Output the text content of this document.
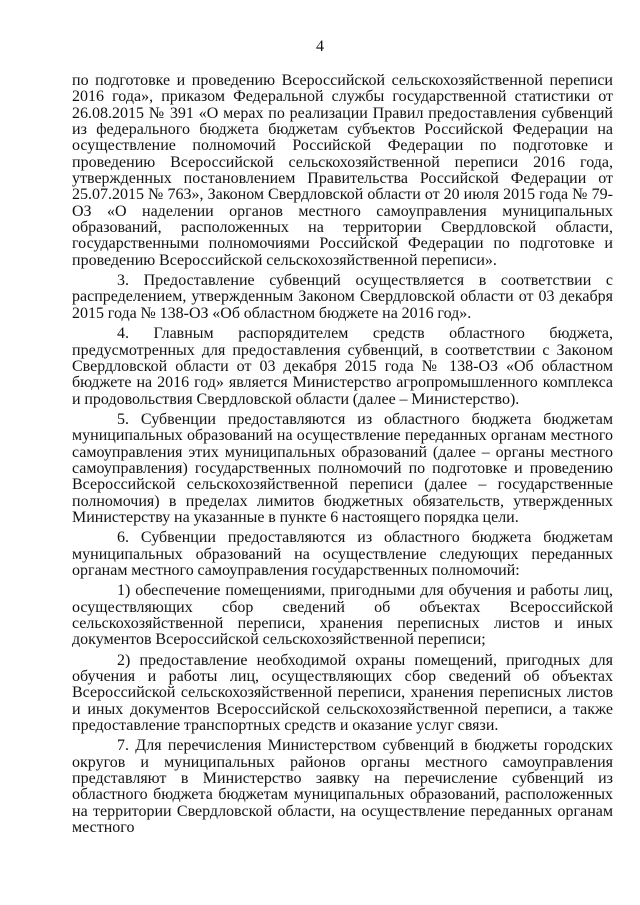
4

по подготовке и проведению Всероссийской сельскохозяйственной переписи 2016 года», приказом Федеральной службы государственной статистики от 26.08.2015 № 391 «О мерах по реализации Правил предоставления субвенций из федерального бюджета бюджетам субъектов Российской Федерации на осуществление полномочий Российской Федерации по подготовке и проведению Всероссийской сельскохозяйственной переписи 2016 года, утвержденных постановлением Правительства Российской Федерации от 25.07.2015 № 763», Законом Свердловской области от 20 июля 2015 года № 79-ОЗ «О наделении органов местного самоуправления муниципальных образований, расположенных на территории Свердловской области, государственными полномочиями Российской Федерации по подготовке и проведению Всероссийской сельскохозяйственной переписи».

3. Предоставление субвенций осуществляется в соответствии с распределением, утвержденным Законом Свердловской области от 03 декабря 2015 года № 138-ОЗ «Об областном бюджете на 2016 год».

4. Главным распорядителем средств областного бюджета, предусмотренных для предоставления субвенций, в соответствии с Законом Свердловской области от 03 декабря 2015 года № 138-ОЗ «Об областном бюджете на 2016 год» является Министерство агропромышленного комплекса и продовольствия Свердловской области (далее – Министерство).

5. Субвенции предоставляются из областного бюджета бюджетам муниципальных образований на осуществление переданных органам местного самоуправления этих муниципальных образований (далее – органы местного самоуправления) государственных полномочий по подготовке и проведению Всероссийской сельскохозяйственной переписи (далее – государственные полномочия) в пределах лимитов бюджетных обязательств, утвержденных Министерству на указанные в пункте 6 настоящего порядка цели.

6. Субвенции предоставляются из областного бюджета бюджетам муниципальных образований на осуществление следующих переданных органам местного самоуправления государственных полномочий:

1) обеспечение помещениями, пригодными для обучения и работы лиц, осуществляющих сбор сведений об объектах Всероссийской сельскохозяйственной переписи, хранения переписных листов и иных документов Всероссийской сельскохозяйственной переписи;

2) предоставление необходимой охраны помещений, пригодных для обучения и работы лиц, осуществляющих сбор сведений об объектах Всероссийской сельскохозяйственной переписи, хранения переписных листов и иных документов Всероссийской сельскохозяйственной переписи, а также предоставление транспортных средств и оказание услуг связи.

7. Для перечисления Министерством субвенций в бюджеты городских округов и муниципальных районов органы местного самоуправления представляют в Министерство заявку на перечисление субвенций из областного бюджета бюджетам муниципальных образований, расположенных на территории Свердловской области, на осуществление переданных органам местного
